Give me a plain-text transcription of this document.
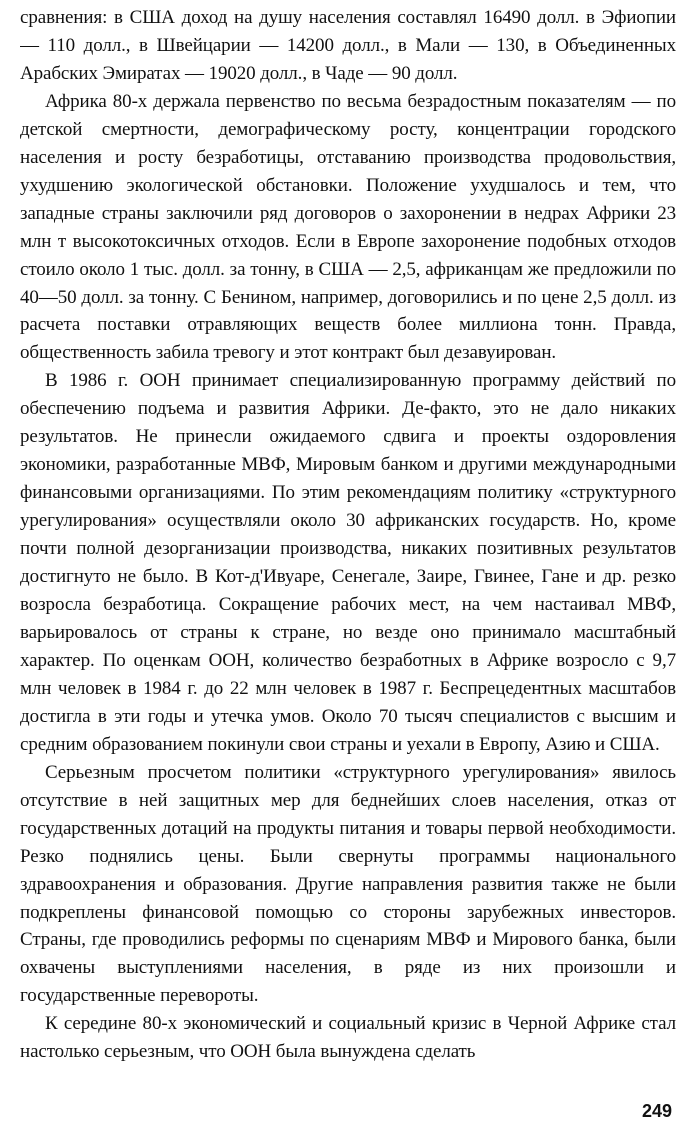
сравнения: в США доход на душу населения составлял 16490 долл. в Эфиопии — 110 долл., в Швейцарии — 14200 долл., в Мали — 130, в Объединенных Арабских Эмиратах — 19020 долл., в Чаде — 90 долл.

Африка 80-х держала первенство по весьма безрадостным показателям — по детской смертности, демографическому росту, концентрации городского населения и росту безработицы, отставанию производства продовольствия, ухудшению экологической обстановки. Положение ухудшалось и тем, что западные страны заключили ряд договоров о захоронении в недрах Африки 23 млн т высокотоксичных отходов. Если в Европе захоронение подобных отходов стоило около 1 тыс. долл. за тонну, в США — 2,5, африканцам же предложили по 40—50 долл. за тонну. С Бенином, например, договорились и по цене 2,5 долл. из расчета поставки отравляющих веществ более миллиона тонн. Правда, общественность забила тревогу и этот контракт был дезавуирован.

В 1986 г. ООН принимает специализированную программу действий по обеспечению подъема и развития Африки. Де-факто, это не дало никаких результатов. Не принесли ожидаемого сдвига и проекты оздоровления экономики, разработанные МВФ, Мировым банком и другими международными финансовыми организациями. По этим рекомендациям политику «структурного урегулирования» осуществляли около 30 африканских государств. Но, кроме почти полной дезорганизации производства, никаких позитивных результатов достигнуто не было. В Кот-д'Ивуаре, Сенегале, Заире, Гвинее, Гане и др. резко возросла безработица. Сокращение рабочих мест, на чем настаивал МВФ, варьировалось от страны к стране, но везде оно принимало масштабный характер. По оценкам ООН, количество безработных в Африке возросло с 9,7 млн человек в 1984 г. до 22 млн человек в 1987 г. Беспрецедентных масштабов достигла в эти годы и утечка умов. Около 70 тысяч специалистов с высшим и средним образованием покинули свои страны и уехали в Европу, Азию и США.

Серьезным просчетом политики «структурного урегулирования» явилось отсутствие в ней защитных мер для беднейших слоев населения, отказ от государственных дотаций на продукты питания и товары первой необходимости. Резко поднялись цены. Были свернуты программы национального здравоохранения и образования. Другие направления развития также не были подкреплены финансовой помощью со стороны зарубежных инвесторов. Страны, где проводились реформы по сценариям МВФ и Мирового банка, были охвачены выступлениями населения, в ряде из них произошли и государственные перевороты.

К середине 80-х экономический и социальный кризис в Черной Африке стал настолько серьезным, что ООН была вынуждена сделать

249
